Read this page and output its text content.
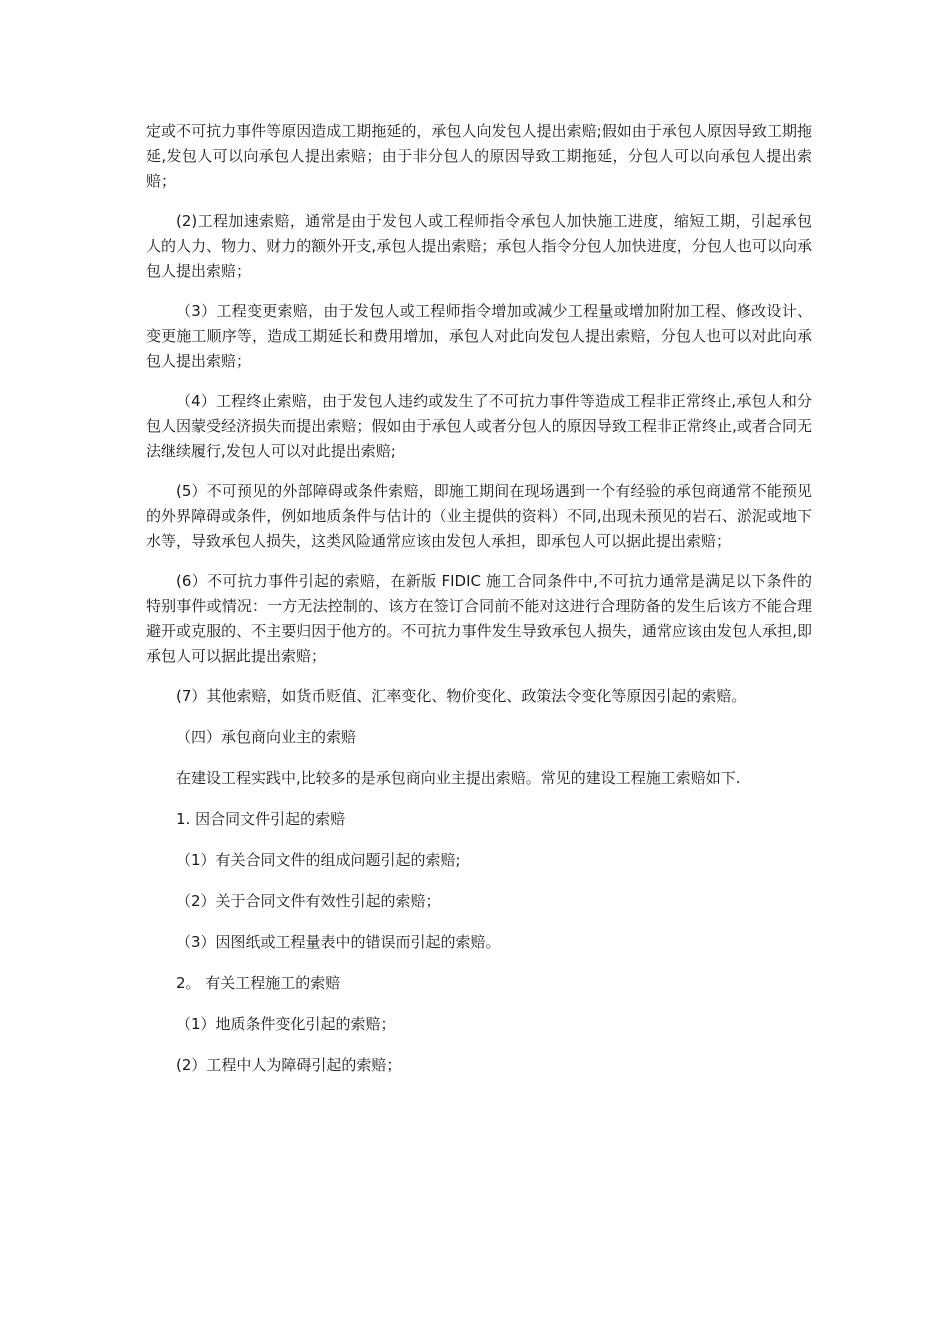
定或不可抗力事件等原因造成工期拖延的，承包人向发包人提出索赔;假如由于承包人原因导致工期拖延,发包人可以向承包人提出索赔；由于非分包人的原因导致工期拖延，分包人可以向承包人提出索赔；

(2)工程加速索赔，通常是由于发包人或工程师指令承包人加快施工进度，缩短工期，引起承包人的人力、物力、财力的额外开支,承包人提出索赔；承包人指令分包人加快进度，分包人也可以向承包人提出索赔；

（3）工程变更索赔，由于发包人或工程师指令增加或减少工程量或增加附加工程、修改设计、变更施工顺序等，造成工期延长和费用增加，承包人对此向发包人提出索赔，分包人也可以对此向承包人提出索赔；

（4）工程终止索赔，由于发包人违约或发生了不可抗力事件等造成工程非正常终止,承包人和分包人因蒙受经济损失而提出索赔；假如由于承包人或者分包人的原因导致工程非正常终止,或者合同无法继续履行,发包人可以对此提出索赔;

(5）不可预见的外部障碍或条件索赔，即施工期间在现场遇到一个有经验的承包商通常不能预见的外界障碍或条件，例如地质条件与估计的（业主提供的资料）不同,出现未预见的岩石、淤泥或地下水等，导致承包人损失，这类风险通常应该由发包人承担，即承包人可以据此提出索赔；

(6）不可抗力事件引起的索赔，在新版 FIDIC 施工合同条件中,不可抗力通常是满足以下条件的特别事件或情况：一方无法控制的、该方在签订合同前不能对这进行合理防备的发生后该方不能合理避开或克服的、不主要归因于他方的。不可抗力事件发生导致承包人损失，通常应该由发包人承担,即承包人可以据此提出索赔；

(7）其他索赔，如货币贬值、汇率变化、物价变化、政策法令变化等原因引起的索赔。
（四）承包商向业主的索赔
在建设工程实践中,比较多的是承包商向业主提出索赔。常见的建设工程施工索赔如下.
1. 因合同文件引起的索赔
（1）有关合同文件的组成问题引起的索赔;
（2）关于合同文件有效性引起的索赔；
（3）因图纸或工程量表中的错误而引起的索赔。
2。 有关工程施工的索赔
（1）地质条件变化引起的索赔；
(2）工程中人为障碍引起的索赔；
